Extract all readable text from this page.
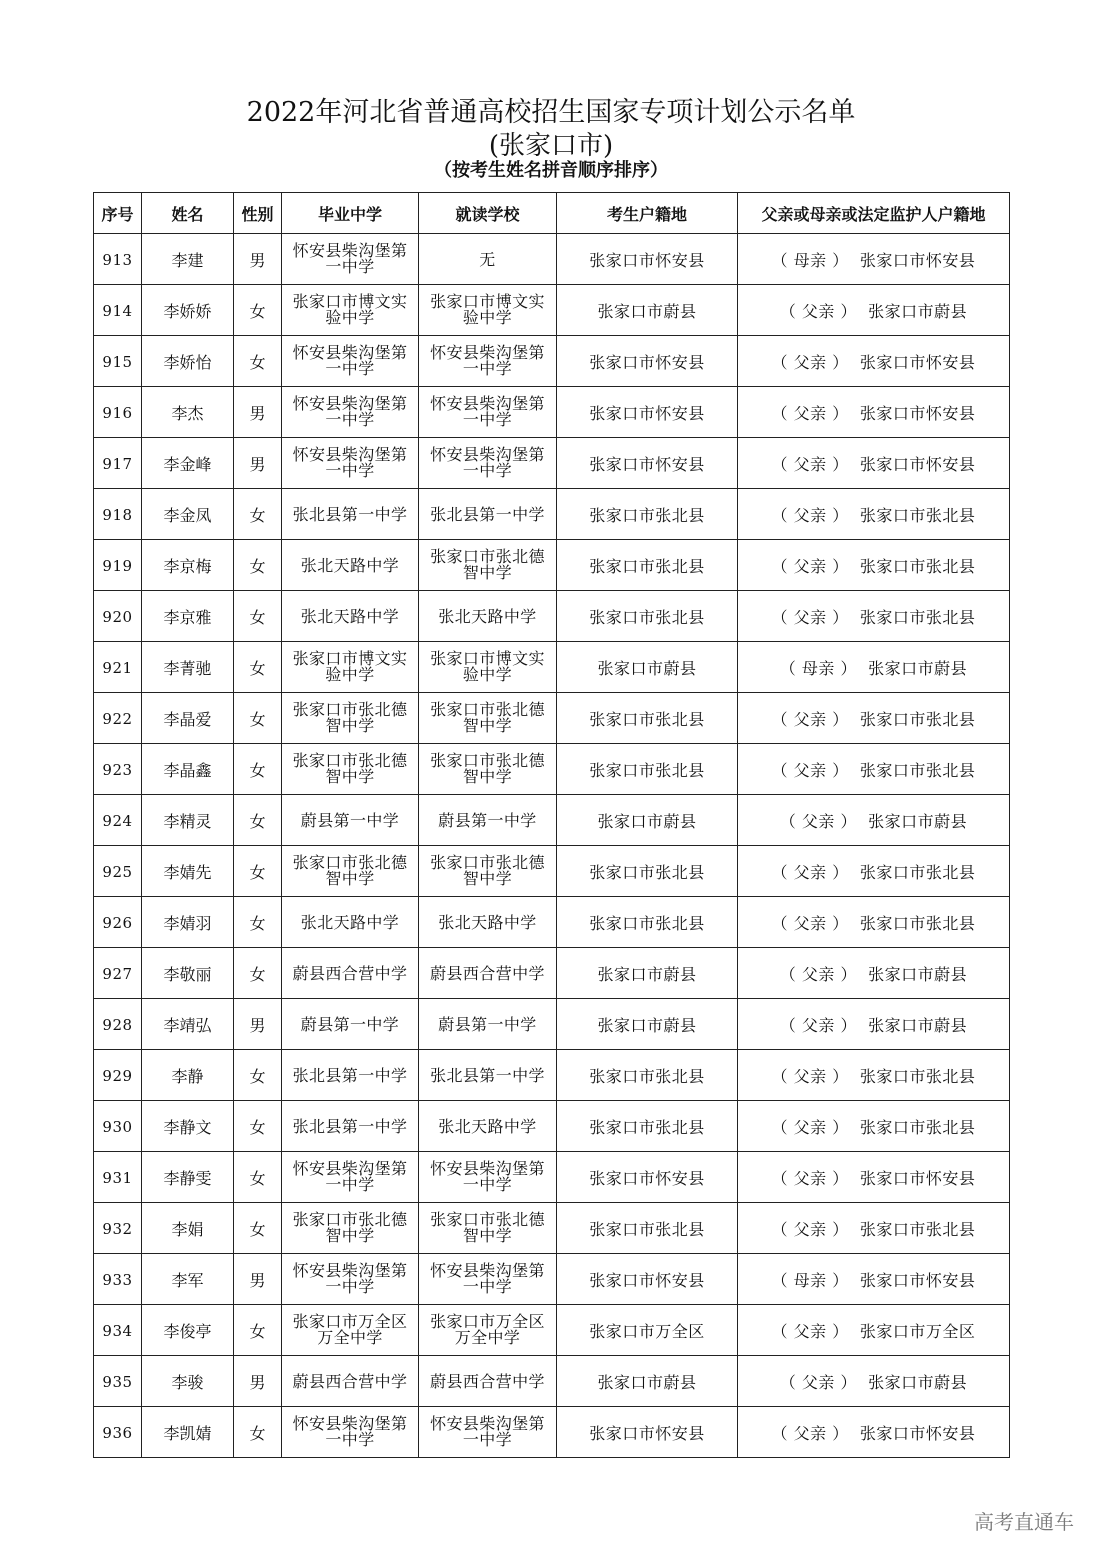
2022年河北省普通高校招生国家专项计划公示名单
(张家口市)
（按考生姓名拼音顺序排序）
序号	姓名	性别	毕业中学	就读学校	考生户籍地	父亲或母亲或法定监护人户籍地
913	李建	男	怀安县柴沟堡第一中学	无	张家口市怀安县	（ 母亲 ）  张家口市怀安县
914	李娇娇	女	张家口市博文实验中学	张家口市博文实验中学	张家口市蔚县	（ 父亲 ）  张家口市蔚县
915	李娇怡	女	怀安县柴沟堡第一中学	怀安县柴沟堡第一中学	张家口市怀安县	（ 父亲 ）  张家口市怀安县
916	李杰	男	怀安县柴沟堡第一中学	怀安县柴沟堡第一中学	张家口市怀安县	（ 父亲 ）  张家口市怀安县
917	李金峰	男	怀安县柴沟堡第一中学	怀安县柴沟堡第一中学	张家口市怀安县	（ 父亲 ）  张家口市怀安县
918	李金凤	女	张北县第一中学	张北县第一中学	张家口市张北县	（ 父亲 ）  张家口市张北县
919	李京梅	女	张北天路中学	张家口市张北德智中学	张家口市张北县	（ 父亲 ）  张家口市张北县
920	李京雅	女	张北天路中学	张北天路中学	张家口市张北县	（ 父亲 ）  张家口市张北县
921	李菁驰	女	张家口市博文实验中学	张家口市博文实验中学	张家口市蔚县	（ 母亲 ）  张家口市蔚县
922	李晶爱	女	张家口市张北德智中学	张家口市张北德智中学	张家口市张北县	（ 父亲 ）  张家口市张北县
923	李晶鑫	女	张家口市张北德智中学	张家口市张北德智中学	张家口市张北县	（ 父亲 ）  张家口市张北县
924	李精灵	女	蔚县第一中学	蔚县第一中学	张家口市蔚县	（ 父亲 ）  张家口市蔚县
925	李婧先	女	张家口市张北德智中学	张家口市张北德智中学	张家口市张北县	（ 父亲 ）  张家口市张北县
926	李婧羽	女	张北天路中学	张北天路中学	张家口市张北县	（ 父亲 ）  张家口市张北县
927	李敬丽	女	蔚县西合营中学	蔚县西合营中学	张家口市蔚县	（ 父亲 ）  张家口市蔚县
928	李靖弘	男	蔚县第一中学	蔚县第一中学	张家口市蔚县	（ 父亲 ）  张家口市蔚县
929	李静	女	张北县第一中学	张北县第一中学	张家口市张北县	（ 父亲 ）  张家口市张北县
930	李静文	女	张北县第一中学	张北天路中学	张家口市张北县	（ 父亲 ）  张家口市张北县
931	李静雯	女	怀安县柴沟堡第一中学	怀安县柴沟堡第一中学	张家口市怀安县	（ 父亲 ）  张家口市怀安县
932	李娟	女	张家口市张北德智中学	张家口市张北德智中学	张家口市张北县	（ 父亲 ）  张家口市张北县
933	李军	男	怀安县柴沟堡第一中学	怀安县柴沟堡第一中学	张家口市怀安县	（ 母亲 ）  张家口市怀安县
934	李俊亭	女	张家口市万全区万全中学	张家口市万全区万全中学	张家口市万全区	（ 父亲 ）  张家口市万全区
935	李骏	男	蔚县西合营中学	蔚县西合营中学	张家口市蔚县	（ 父亲 ）  张家口市蔚县
936	李凯婧	女	怀安县柴沟堡第一中学	怀安县柴沟堡第一中学	张家口市怀安县	（ 父亲 ）  张家口市怀安县
高考直通车
